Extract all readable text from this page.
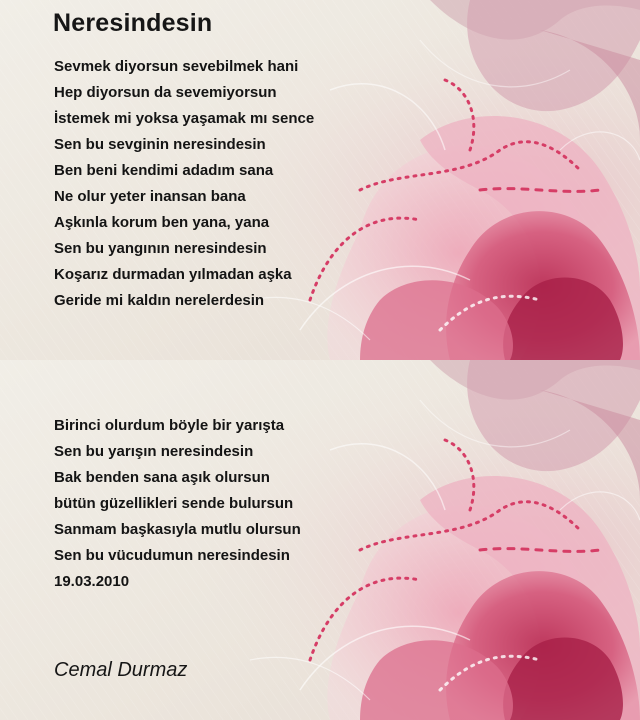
Neresindesin
Sevmek diyorsun sevebilmek hani
Hep diyorsun da sevemiyorsun
İstemek mi yoksa yaşamak mı sence
Sen bu sevginin neresindesin
Ben beni kendimi adadım sana
Ne olur yeter inansan bana
Aşkınla korum ben yana, yana
Sen bu yangının neresindesin
Koşarız durmadan yılmadan aşka
Geride mi kaldın nerelerdesin
Birinci olurdum böyle bir yarışta
Sen bu yarışın neresindesin
Bak benden sana aşık olursun
bütün güzellikleri sende bulursun
Sanmam başkasıyla mutlu olursun
Sen bu vücudumun neresindesin
19.03.2010
Cemal Durmaz
